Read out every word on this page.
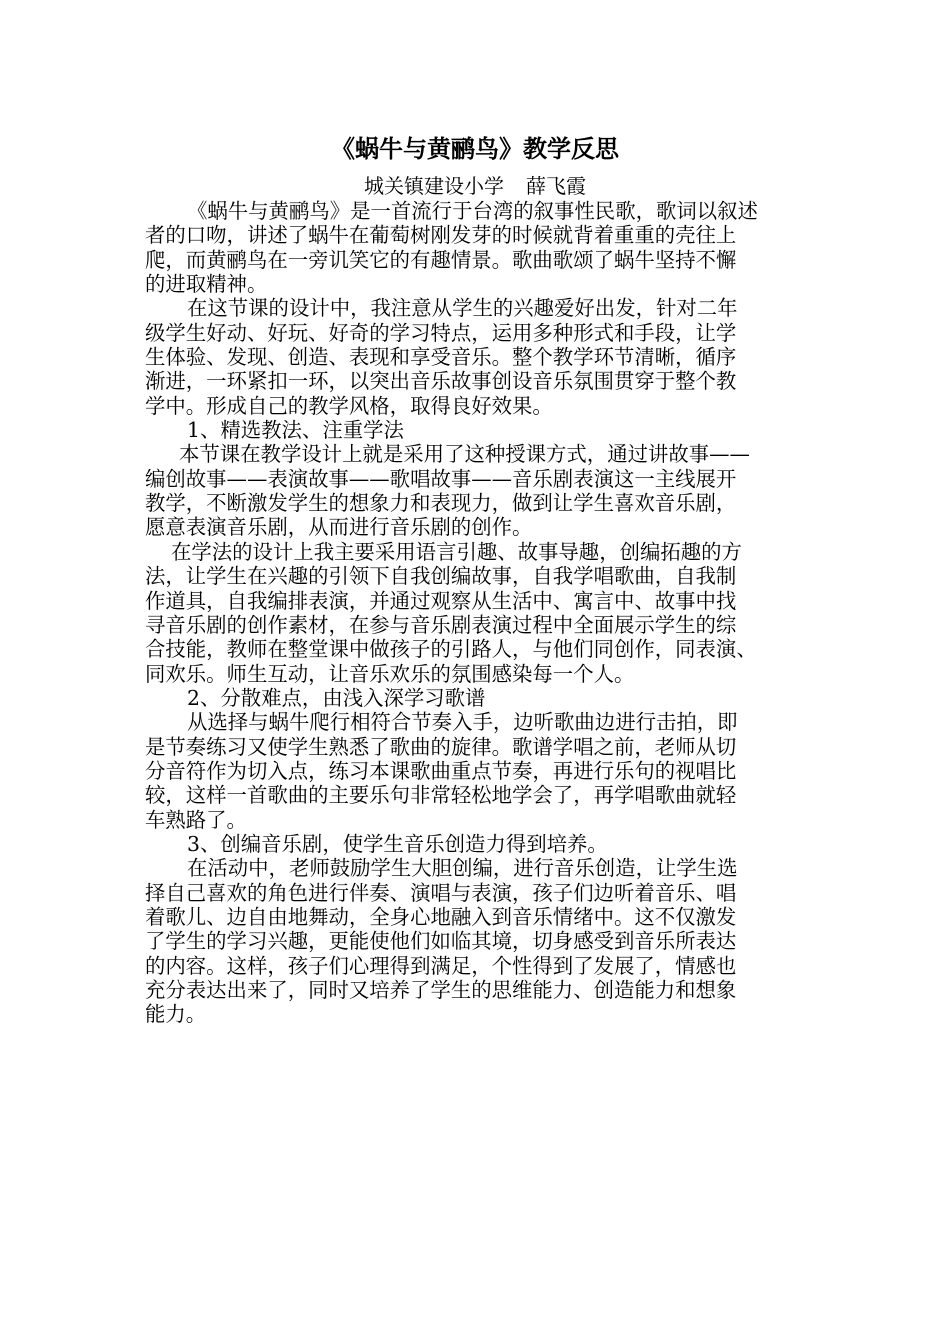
《蜗牛与黄鹂鸟》教学反思
城关镇建设小学 薛飞霞
《蜗牛与黄鹂鸟》是一首流行于台湾的叙事性民歌，歌词以叙述
者的口吻，讲述了蜗牛在葡萄树刚发芽的时候就背着重重的壳往上
爬，而黄鹂鸟在一旁讥笑它的有趣情景。歌曲歌颂了蜗牛坚持不懈
的进取精神。
在这节课的设计中，我注意从学生的兴趣爱好出发，针对二年
级学生好动、好玩、好奇的学习特点，运用多种形式和手段，让学
生体验、发现、创造、表现和享受音乐。整个教学环节清晰，循序
渐进，一环紧扣一环，以突出音乐故事创设音乐氛围贯穿于整个教
学中。形成自己的教学风格，取得良好效果。
1、精选教法、注重学法
本节课在教学设计上就是采用了这种授课方式，通过讲故事——
编创故事——表演故事——歌唱故事——音乐剧表演这一主线展开
教学，不断激发学生的想象力和表现力，做到让学生喜欢音乐剧，
愿意表演音乐剧，从而进行音乐剧的创作。
在学法的设计上我主要采用语言引趣、故事导趣，创编拓趣的方
法，让学生在兴趣的引领下自我创编故事，自我学唱歌曲，自我制
作道具，自我编排表演，并通过观察从生活中、寓言中、故事中找
寻音乐剧的创作素材，在参与音乐剧表演过程中全面展示学生的综
合技能，教师在整堂课中做孩子的引路人，与他们同创作，同表演、
同欢乐。师生互动，让音乐欢乐的氛围感染每一个人。
2、分散难点，由浅入深学习歌谱
从选择与蜗牛爬行相符合节奏入手，边听歌曲边进行击拍，即
是节奏练习又使学生熟悉了歌曲的旋律。歌谱学唱之前，老师从切
分音符作为切入点，练习本课歌曲重点节奏，再进行乐句的视唱比
较，这样一首歌曲的主要乐句非常轻松地学会了，再学唱歌曲就轻
车熟路了。
3、创编音乐剧，使学生音乐创造力得到培养。
在活动中，老师鼓励学生大胆创编，进行音乐创造，让学生选
择自己喜欢的角色进行伴奏、演唱与表演，孩子们边听着音乐、唱
着歌儿、边自由地舞动，全身心地融入到音乐情绪中。这不仅激发
了学生的学习兴趣，更能使他们如临其境，切身感受到音乐所表达
的内容。这样，孩子们心理得到满足，个性得到了发展了，情感也
充分表达出来了，同时又培养了学生的思维能力、创造能力和想象
能力。
